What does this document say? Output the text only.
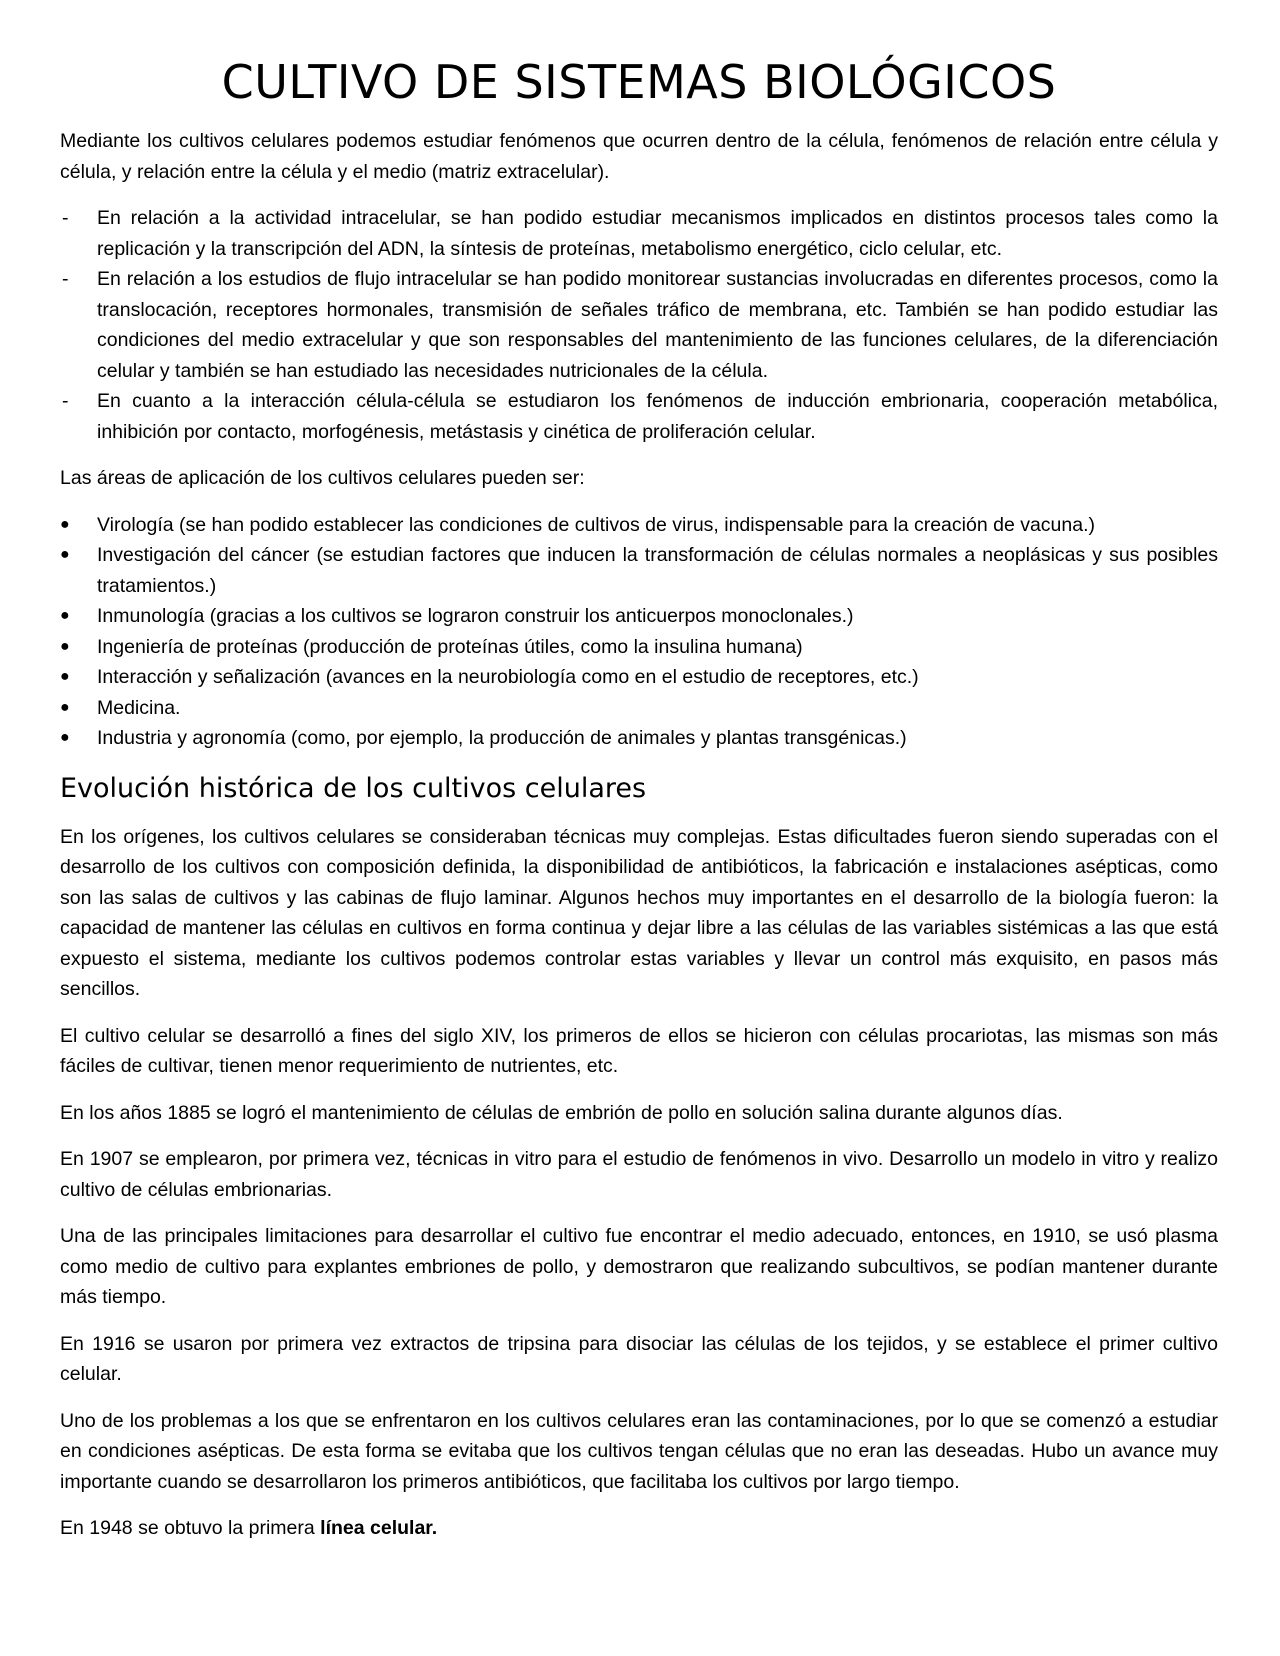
CULTIVO DE SISTEMAS BIOLÓGICOS

Mediante los cultivos celulares podemos estudiar fenómenos que ocurren dentro de la célula, fenómenos de relación entre célula y célula, y relación entre la célula y el medio (matriz extracelular).

- En relación a la actividad intracelular, se han podido estudiar mecanismos implicados en distintos procesos tales como la replicación y la transcripción del ADN, la síntesis de proteínas, metabolismo energético, ciclo celular, etc.
- En relación a los estudios de flujo intracelular se han podido monitorear sustancias involucradas en diferentes procesos, como la translocación, receptores hormonales, transmisión de señales tráfico de membrana, etc. También se han podido estudiar las condiciones del medio extracelular y que son responsables del mantenimiento de las funciones celulares, de la diferenciación celular y también se han estudiado las necesidades nutricionales de la célula.
- En cuanto a la interacción célula-célula se estudiaron los fenómenos de inducción embrionaria, cooperación metabólica, inhibición por contacto, morfogénesis, metástasis y cinética de proliferación celular.

Las áreas de aplicación de los cultivos celulares pueden ser:

● Virología (se han podido establecer las condiciones de cultivos de virus, indispensable para la creación de vacuna.)
● Investigación del cáncer (se estudian factores que inducen la transformación de células normales a neoplásicas y sus posibles tratamientos.)
● Inmunología (gracias a los cultivos se lograron construir los anticuerpos monoclonales.)
● Ingeniería de proteínas (producción de proteínas útiles, como la insulina humana)
● Interacción y señalización (avances en la neurobiología como en el estudio de receptores, etc.)
● Medicina.
● Industria y agronomía (como, por ejemplo, la producción de animales y plantas transgénicas.)
Evolución histórica de los cultivos celulares

En los orígenes, los cultivos celulares se consideraban técnicas muy complejas. Estas dificultades fueron siendo superadas con el desarrollo de los cultivos con composición definida, la disponibilidad de antibióticos, la fabricación e instalaciones asépticas, como son las salas de cultivos y las cabinas de flujo laminar. Algunos hechos muy importantes en el desarrollo de la biología fueron: la capacidad de mantener las células en cultivos en forma continua y dejar libre a las células de las variables sistémicas a las que está expuesto el sistema, mediante los cultivos podemos controlar estas variables y llevar un control más exquisito, en pasos más sencillos.

El cultivo celular se desarrolló a fines del siglo XIV, los primeros de ellos se hicieron con células procariotas, las mismas son más fáciles de cultivar, tienen menor requerimiento de nutrientes, etc.

En los años 1885 se logró el mantenimiento de células de embrión de pollo en solución salina durante algunos días.

En 1907 se emplearon, por primera vez, técnicas in vitro para el estudio de fenómenos in vivo. Desarrollo un modelo in vitro y realizo cultivo de células embrionarias.

Una de las principales limitaciones para desarrollar el cultivo fue encontrar el medio adecuado, entonces, en 1910, se usó plasma como medio de cultivo para explantes embriones de pollo, y demostraron que realizando subcultivos, se podían mantener durante más tiempo.

En 1916 se usaron por primera vez extractos de tripsina para disociar las células de los tejidos, y se establece el primer cultivo celular.

Uno de los problemas a los que se enfrentaron en los cultivos celulares eran las contaminaciones, por lo que se comenzó a estudiar en condiciones asépticas. De esta forma se evitaba que los cultivos tengan células que no eran las deseadas. Hubo un avance muy importante cuando se desarrollaron los primeros antibióticos, que facilitaba los cultivos por largo tiempo.

En 1948 se obtuvo la primera línea celular.
